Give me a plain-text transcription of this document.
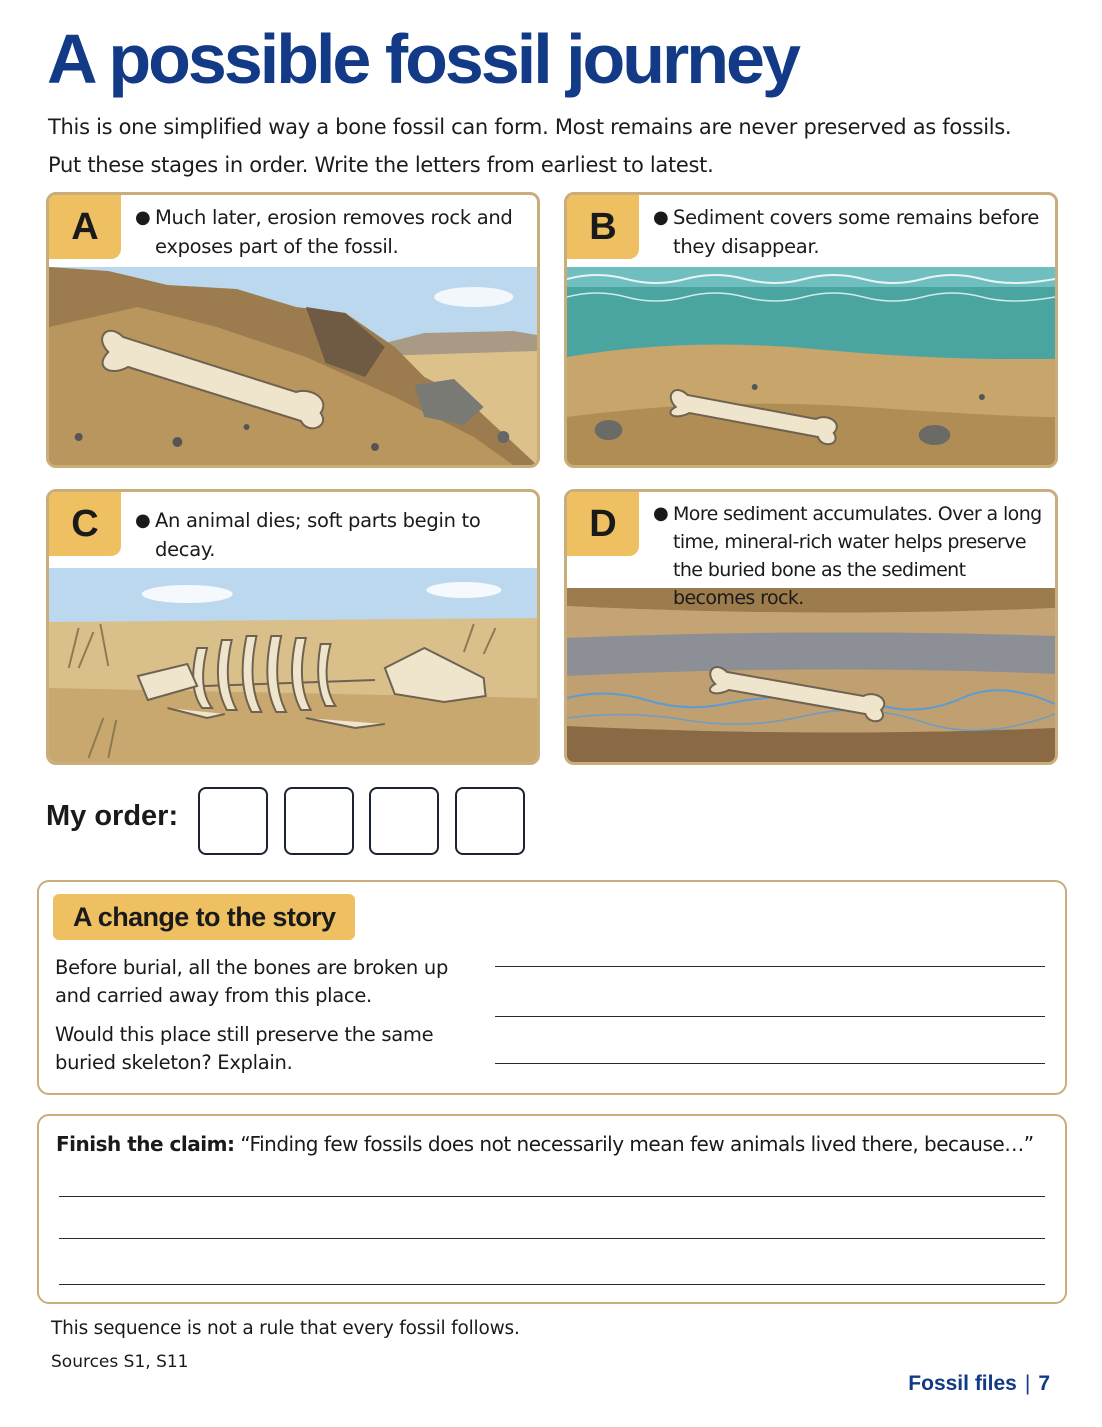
A possible fossil journey
This is one simplified way a bone fossil can form. Most remains are never preserved as fossils.
Put these stages in order. Write the letters from earliest to latest.
A	● Much later, erosion removes rock and exposes part of the fossil.	B	● Sediment covers some remains before they disappear.
C	● An animal dies; soft parts begin to decay.
D	● More sediment accumulates. Over a long time, mineral-rich water helps preserve the buried bone as the sediment becomes rock.
My order:
A change to the story

Before burial, all the bones are broken up and carried away from this place.

Would this place still preserve the same buried skeleton? Explain.

Finish the claim: “Finding few fossils does not necessarily mean few animals lived there, because…”
This sequence is not a rule that every fossil follows.
Sources S1, S11
Fossil files | 7
